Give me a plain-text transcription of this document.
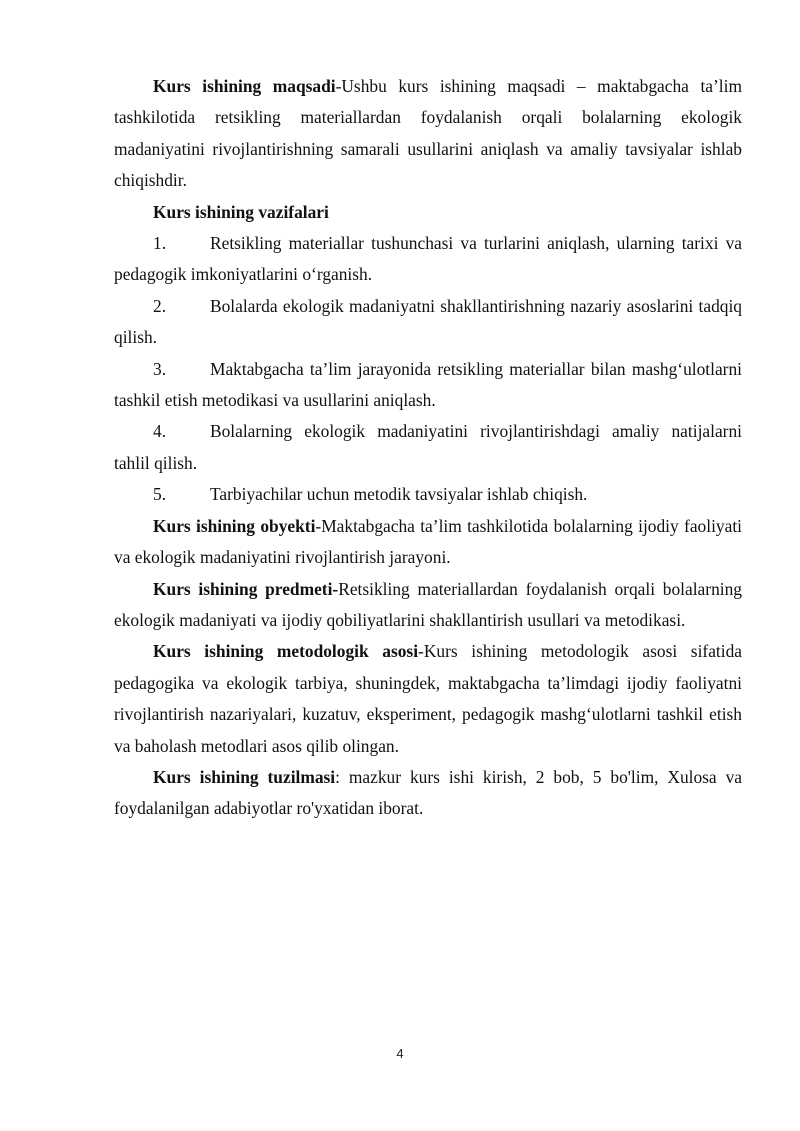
Kurs ishining maqsadi-Ushbu kurs ishining maqsadi – maktabgacha ta’lim tashkilotida retsikling materiallardan foydalanish orqali bolalarning ekologik madaniyatini rivojlantirishning samarali usullarini aniqlash va amaliy tavsiyalar ishlab chiqishdir.

Kurs ishining vazifalari

1.	Retsikling materiallar tushunchasi va turlarini aniqlash, ularning tarixi va pedagogik imkoniyatlarini o‘rganish.

2.	Bolalarda ekologik madaniyatni shakllantirishning nazariy asoslarini tadqiq qilish.

3.	Maktabgacha ta’lim jarayonida retsikling materiallar bilan mashg‘ulotlarni tashkil etish metodikasi va usullarini aniqlash.

4.	Bolalarning ekologik madaniyatini rivojlantirishdagi amaliy natijalarni tahlil qilish.

5.	Tarbiyachilar uchun metodik tavsiyalar ishlab chiqish.

Kurs ishining obyekti-Maktabgacha ta’lim tashkilotida bolalarning ijodiy faoliyati va ekologik madaniyatini rivojlantirish jarayoni.

Kurs ishining predmeti-Retsikling materiallardan foydalanish orqali bolalarning ekologik madaniyati va ijodiy qobiliyatlarini shakllantirish usullari va metodikasi.

Kurs ishining metodologik asosi-Kurs ishining metodologik asosi sifatida pedagogika va ekologik tarbiya, shuningdek, maktabgacha ta’limdagi ijodiy faoliyatni rivojlantirish nazariyalari, kuzatuv, eksperiment, pedagogik mashg‘ulotlarni tashkil etish va baholash metodlari asos qilib olingan.

Kurs ishining tuzilmasi: mazkur kurs ishi kirish, 2 bob, 5 bo'lim, Xulosa va foydalanilgan adabiyotlar ro'yxatidan iborat.

4
